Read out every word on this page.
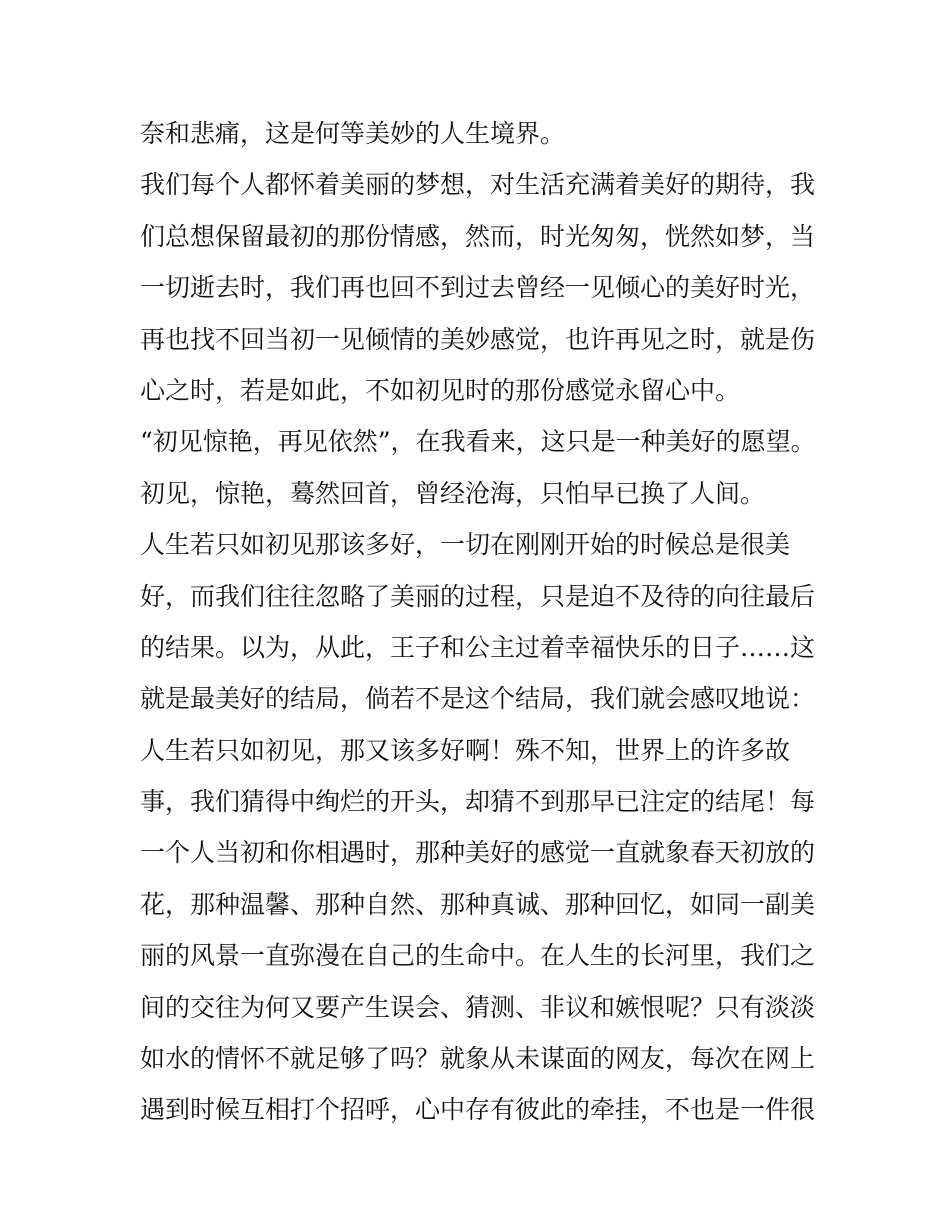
奈和悲痛，这是何等美妙的人生境界。
我们每个人都怀着美丽的梦想，对生活充满着美好的期待，我
们总想保留最初的那份情感，然而，时光匆匆，恍然如梦，当
一切逝去时，我们再也回不到过去曾经一见倾心的美好时光，
再也找不回当初一见倾情的美妙感觉，也许再见之时，就是伤
心之时，若是如此，不如初见时的那份感觉永留心中。
“初见惊艳，再见依然”，在我看来，这只是一种美好的愿望。
初见，惊艳，蓦然回首，曾经沧海，只怕早已换了人间。
人生若只如初见那该多好，一切在刚刚开始的时候总是很美
好，而我们往往忽略了美丽的过程，只是迫不及待的向往最后
的结果。以为，从此，王子和公主过着幸福快乐的日子……这
就是最美好的结局，倘若不是这个结局，我们就会感叹地说：
人生若只如初见，那又该多好啊！殊不知，世界上的许多故
事，我们猜得中绚烂的开头，却猜不到那早已注定的结尾！每
一个人当初和你相遇时，那种美好的感觉一直就象春天初放的
花，那种温馨、那种自然、那种真诚、那种回忆，如同一副美
丽的风景一直弥漫在自己的生命中。在人生的长河里，我们之
间的交往为何又要产生误会、猜测、非议和嫉恨呢？只有淡淡
如水的情怀不就足够了吗？就象从未谋面的网友，每次在网上
遇到时候互相打个招呼，心中存有彼此的牵挂，不也是一件很
